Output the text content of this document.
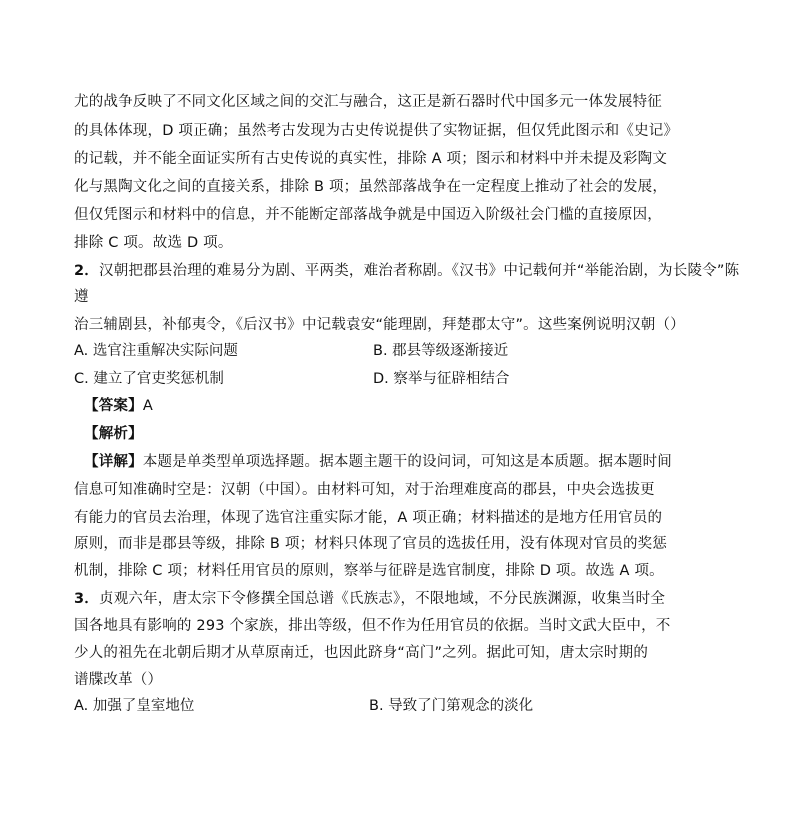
尤的战争反映了不同文化区域之间的交汇与融合，这正是新石器时代中国多元一体发展特征
的具体体现，D 项正确；虽然考古发现为古史传说提供了实物证据，但仅凭此图示和《史记》
的记载，并不能全面证实所有古史传说的真实性，排除 A 项；图示和材料中并未提及彩陶文
化与黑陶文化之间的直接关系，排除 B 项；虽然部落战争在一定程度上推动了社会的发展，
但仅凭图示和材料中的信息，并不能断定部落战争就是中国迈入阶级社会门槛的直接原因，
排除 C 项。故选 D 项。
2．汉朝把郡县治理的难易分为剧、平两类，难治者称剧。《汉书》中记载何并“举能治剧，为长陵令”陈
遵
治三辅剧县，补郁夷令，《后汉书》中记载袁安“能理剧，拜楚郡太守”。这些案例说明汉朝（）
A. 选官注重解决实际问题	B. 郡县等级逐渐接近
C. 建立了官吏奖惩机制	D. 察举与征辟相结合
【答案】A
【解析】
【详解】本题是单类型单项选择题。据本题主题干的设问词，可知这是本质题。据本题时间
信息可知准确时空是：汉朝（中国）。由材料可知，对于治理难度高的郡县，中央会选拔更
有能力的官员去治理，体现了选官注重实际才能，A 项正确；材料描述的是地方任用官员的
原则，而非是郡县等级，排除 B 项；材料只体现了官员的选拔任用，没有体现对官员的奖惩
机制，排除 C 项；材料任用官员的原则，察举与征辟是选官制度，排除 D 项。故选 A 项。
3．贞观六年，唐太宗下令修撰全国总谱《氏族志》，不限地域，不分民族渊源，收集当时全
国各地具有影响的 293 个家族，排出等级，但不作为任用官员的依据。当时文武大臣中，不
少人的祖先在北朝后期才从草原南迁，也因此跻身“高门”之列。据此可知，唐太宗时期的
谱牒改革（）
A. 加强了皇室地位	B. 导致了门第观念的淡化
